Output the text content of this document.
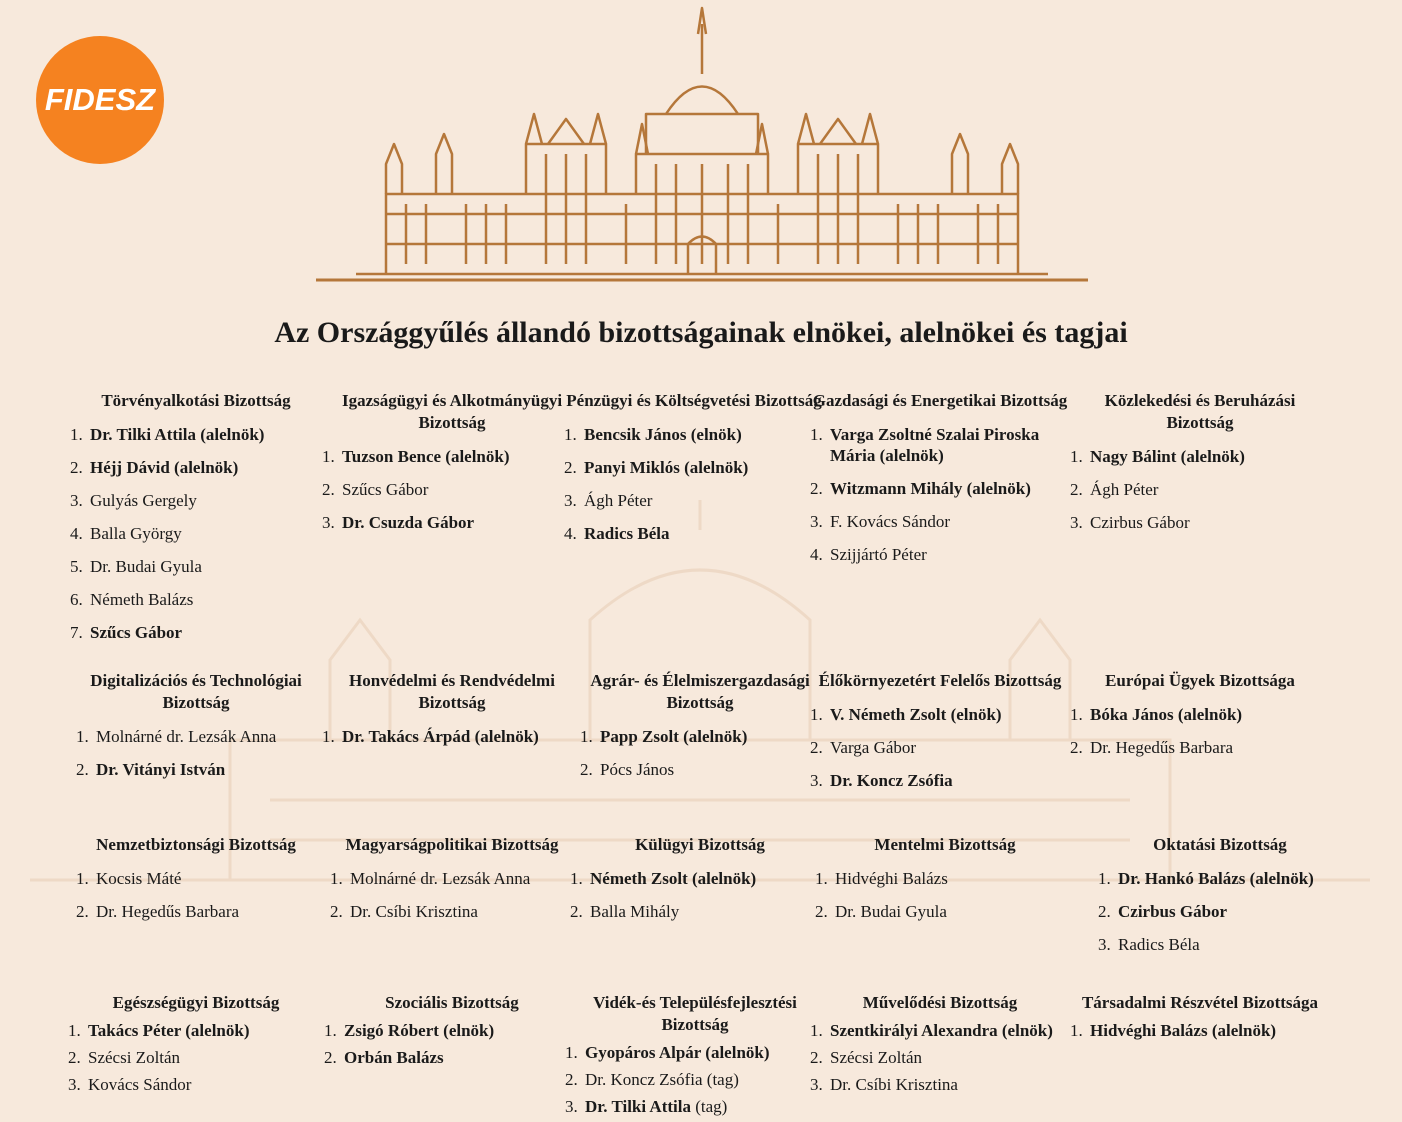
FIDESZ
Az Országgyűlés állandó bizottságainak elnökei, alelnökei és tagjai
Törvényalkotási Bizottság
1. Dr. Tilki Attila (alelnök)
2. Héjj Dávid (alelnök)
3. Gulyás Gergely
4. Balla György
5. Dr. Budai Gyula
6. Németh Balázs
7. Szűcs Gábor
Igazságügyi és Alkotmányügyi Bizottság
1. Tuzson Bence (alelnök)
2. Szűcs Gábor
3. Dr. Csuzda Gábor
Pénzügyi és Költségvetési Bizottság
1. Bencsik János (elnök)
2. Panyi Miklós (alelnök)
3. Ágh Péter
4. Radics Béla
Gazdasági és Energetikai Bizottság
1. Varga Zsoltné Szalai Piroska Mária (alelnök)
2. Witzmann Mihály (alelnök)
3. F. Kovács Sándor
4. Szijjártó Péter
Közlekedési és Beruházási Bizottság
1. Nagy Bálint (alelnök)
2. Ágh Péter
3. Czirbus Gábor
Digitalizációs és Technológiai Bizottság
1. Molnárné dr. Lezsák Anna
2. Dr. Vitányi István
Honvédelmi és Rendvédelmi Bizottság
1. Dr. Takács Árpád (alelnök)
Agrár- és Élelmiszergazdasági Bizottság
1. Papp Zsolt (alelnök)
2. Pócs János
Élőkörnyezetért Felelős Bizottság
1. V. Németh Zsolt (elnök)
2. Varga Gábor
3. Dr. Koncz Zsófia
Európai Ügyek Bizottsága
1. Bóka János (alelnök)
2. Dr. Hegedűs Barbara
Nemzetbiztonsági Bizottság
1. Kocsis Máté
2. Dr. Hegedűs Barbara
Magyarságpolitikai Bizottság
1. Molnárné dr. Lezsák Anna
2. Dr. Csíbi Krisztina
Külügyi Bizottság
1. Németh Zsolt (alelnök)
2. Balla Mihály
Mentelmi Bizottság
1. Hidvéghi Balázs
2. Dr. Budai Gyula
Oktatási Bizottság
1. Dr. Hankó Balázs (alelnök)
2. Czirbus Gábor
3. Radics Béla
Egészségügyi Bizottság
1. Takács Péter (alelnök)
2. Szécsi Zoltán
3. Kovács Sándor
Szociális Bizottság
1. Zsigó Róbert (elnök)
2. Orbán Balázs
Vidék-és Településfejlesztési Bizottság
1. Gyopáros Alpár (alelnök)
2. Dr. Koncz Zsófia (tag)
3. Dr. Tilki Attila (tag)
Művelődési Bizottság
1. Szentkirályi Alexandra (elnök)
2. Szécsi Zoltán
3. Dr. Csíbi Krisztina
Társadalmi Részvétel Bizottsága
1. Hidvéghi Balázs (alelnök)
